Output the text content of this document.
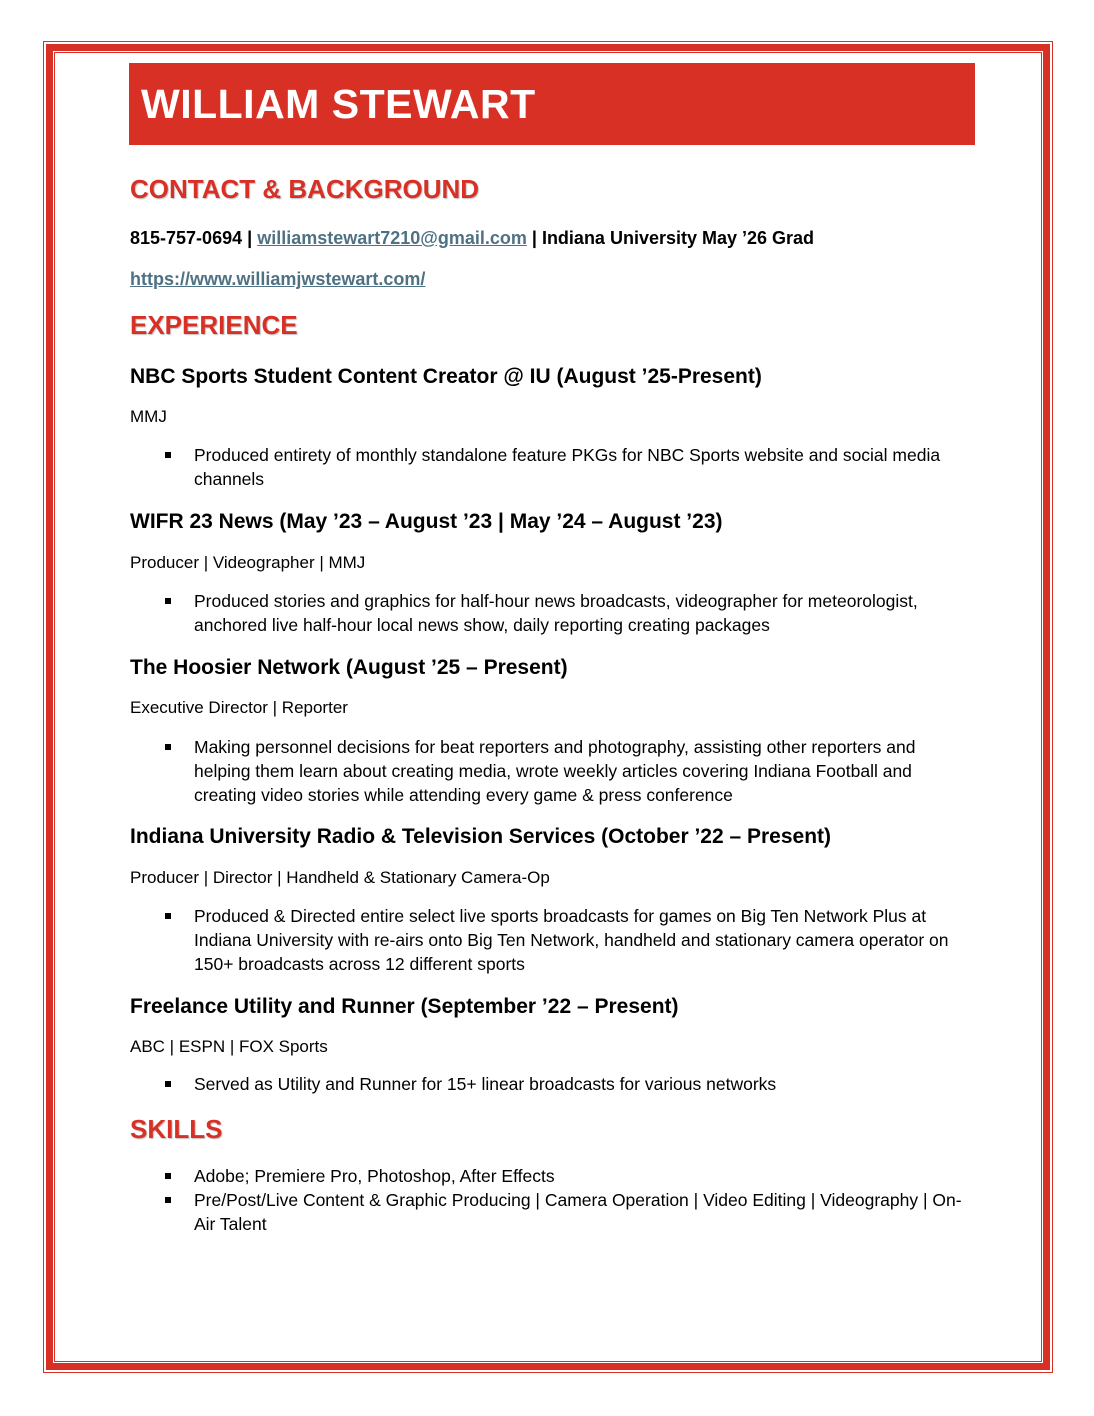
WILLIAM STEWART
CONTACT & BACKGROUND
815-757-0694 | williamstewart7210@gmail.com | Indiana University May ’26 Grad
https://www.williamjwstewart.com/
EXPERIENCE
NBC Sports Student Content Creator @ IU (August ’25-Present)
MMJ
Produced entirety of monthly standalone feature PKGs for NBC Sports website and social media channels
WIFR 23 News (May ’23 – August ’23 | May ’24 – August ’23)
Producer | Videographer | MMJ
Produced stories and graphics for half-hour news broadcasts, videographer for meteorologist, anchored live half-hour local news show, daily reporting creating packages
The Hoosier Network (August ’25 – Present)
Executive Director | Reporter
Making personnel decisions for beat reporters and photography, assisting other reporters and helping them learn about creating media, wrote weekly articles covering Indiana Football and creating video stories while attending every game & press conference
Indiana University Radio & Television Services (October ’22 – Present)
Producer | Director | Handheld & Stationary Camera-Op
Produced & Directed entire select live sports broadcasts for games on Big Ten Network Plus at Indiana University with re-airs onto Big Ten Network, handheld and stationary camera operator on 150+ broadcasts across 12 different sports
Freelance Utility and Runner (September ’22 – Present)
ABC | ESPN | FOX Sports
Served as Utility and Runner for 15+ linear broadcasts for various networks
SKILLS
Adobe; Premiere Pro, Photoshop, After Effects
Pre/Post/Live Content & Graphic Producing | Camera Operation | Video Editing | Videography | On-Air Talent
